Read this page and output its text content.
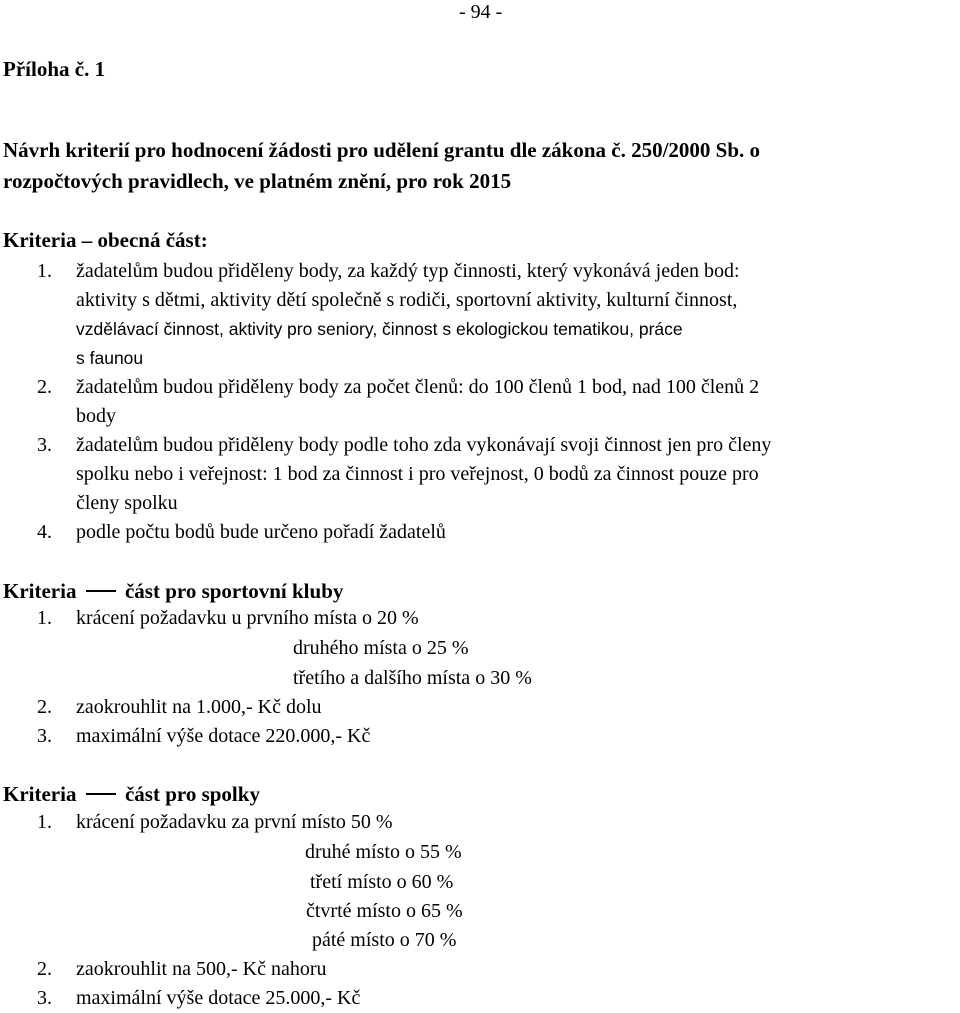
- 94 -
Příloha č. 1
Návrh kriterií pro hodnocení žádosti pro udělení grantu dle zákona č. 250/2000 Sb. o
rozpočtových pravidlech, ve platném znění, pro rok 2015
Kriteria – obecná část:
1. žadatelům budou přiděleny body, za každý typ činnosti, který vykonává jeden bod:
aktivity s dětmi, aktivity dětí společně s rodiči, sportovní aktivity, kulturní činnost,
vzdělávací činnost, aktivity pro seniory, činnost s ekologickou tematikou, práce
s faunou
2. žadatelům budou přiděleny body za počet členů: do 100 členů 1 bod, nad 100 členů 2
body
3. žadatelům budou přiděleny body podle toho zda vykonávají svoji činnost jen pro členy
spolku nebo i veřejnost: 1 bod za činnost i pro veřejnost, 0 bodů za činnost pouze pro
členy spolku
4. podle počtu bodů bude určeno pořadí žadatelů
Kriteria  část pro sportovní kluby
1. krácení požadavku u prvního místa o 20 %
druhého místa o 25 %
třetího a dalšího místa o 30 %
2. zaokrouhlit na 1.000,- Kč dolu
3. maximální výše dotace 220.000,- Kč
Kriteria  část pro spolky
1. krácení požadavku za první místo 50 %
druhé místo o 55 %
třetí místo o 60 %
čtvrté místo o 65 %
páté místo o 70 %
2. zaokrouhlit na 500,- Kč nahoru
3. maximální výše dotace 25.000,- Kč
